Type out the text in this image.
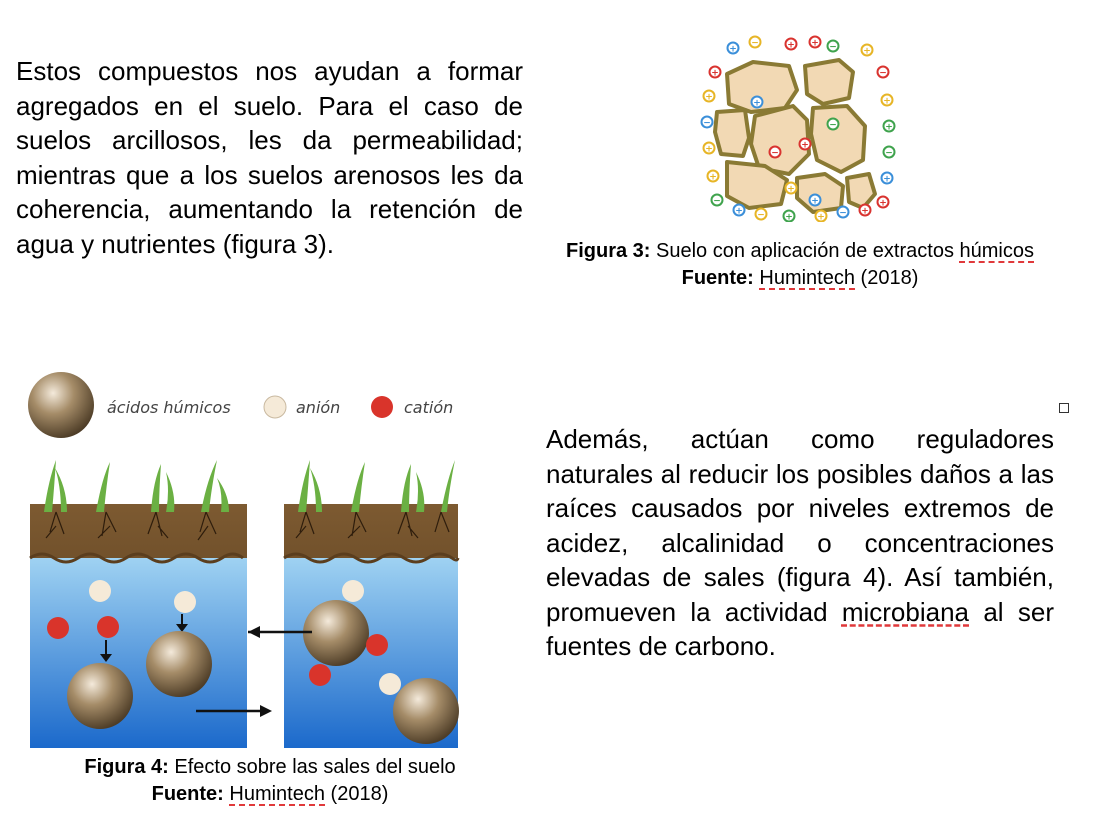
Estos compuestos nos ayudan a formar agregados en el suelo. Para el caso de suelos arcillosos, les da permeabilidad; mientras que a los suelos arenosos les da coherencia, aumentando la retención de agua y nutrientes (figura 3).

+
−	+ + −	+
+	−
+	+
−	+
+	−
+	+
−	+
+ − +	+ − +
+
−
+
+
−
+
Figura 3: Suelo con aplicación de extractos húmicos
Fuente: Humintech (2018)
ácidos húmicos	anión	catión
Figura 4: Efecto sobre las sales del suelo
Fuente: Humintech (2018)

Además, actúan como reguladores naturales al reducir los posibles daños a las raíces causados por niveles extremos de acidez, alcalinidad o concentraciones elevadas de sales (figura 4). Así también, promueven la actividad microbiana al ser fuentes de carbono.
